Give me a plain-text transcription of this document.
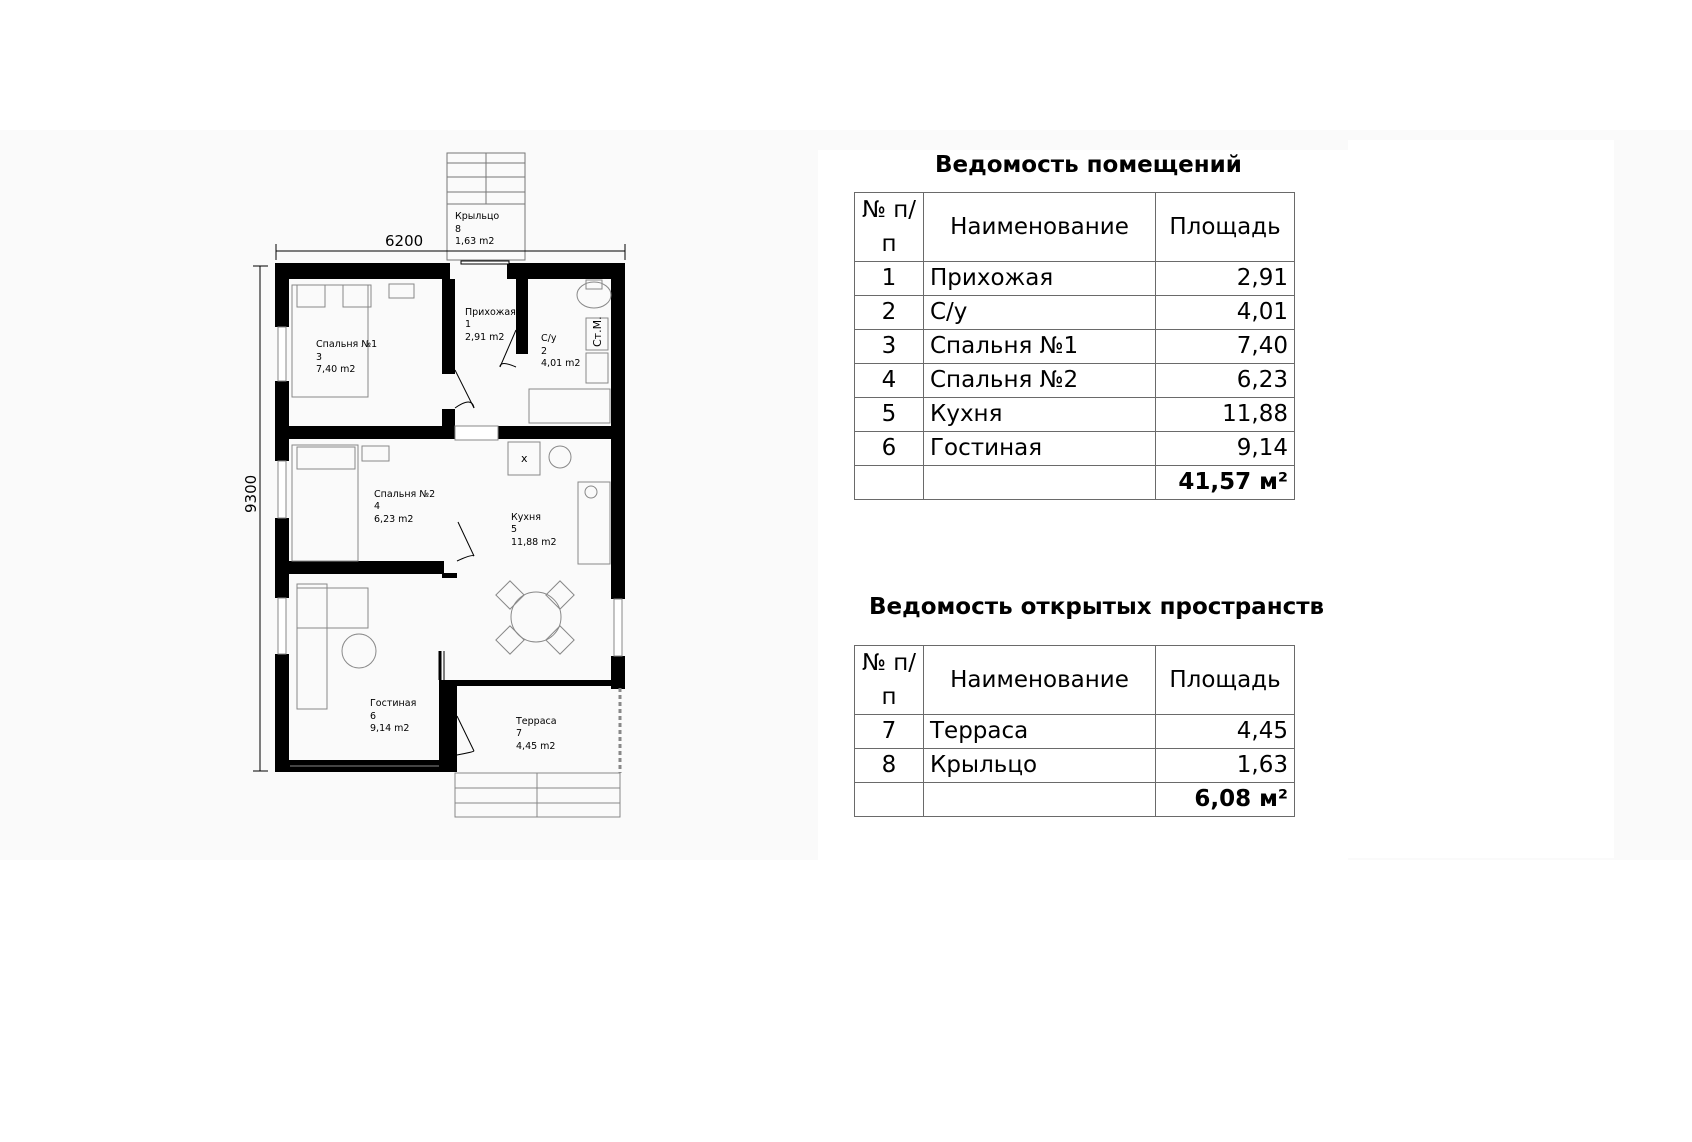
6200
9300
Ст.М.
x
Крыльцо
8
1,63 m2
Прихожая
1
2,91 m2	С/у
2
4,01 m2
Спальня №1
3
7,40 m2
Спальня №2
4
6,23 m2	Кухня
5
11,88 m2
Гостиная
6
9,14 m2
Терраса
7
4,45 m2
Ведомость помещений
№ п/п	Наименование	Площадь
1	Прихожая	2,91
2	С/у	4,01
3	Спальня №1	7,40
4	Спальня №2	6,23
5	Кухня	11,88
6	Гостиная	9,14
		41,57 м²
Ведомость открытых пространств
№ п/п	Наименование	Площадь
7	Терраса	4,45
8	Крыльцо	1,63
		6,08 м²
